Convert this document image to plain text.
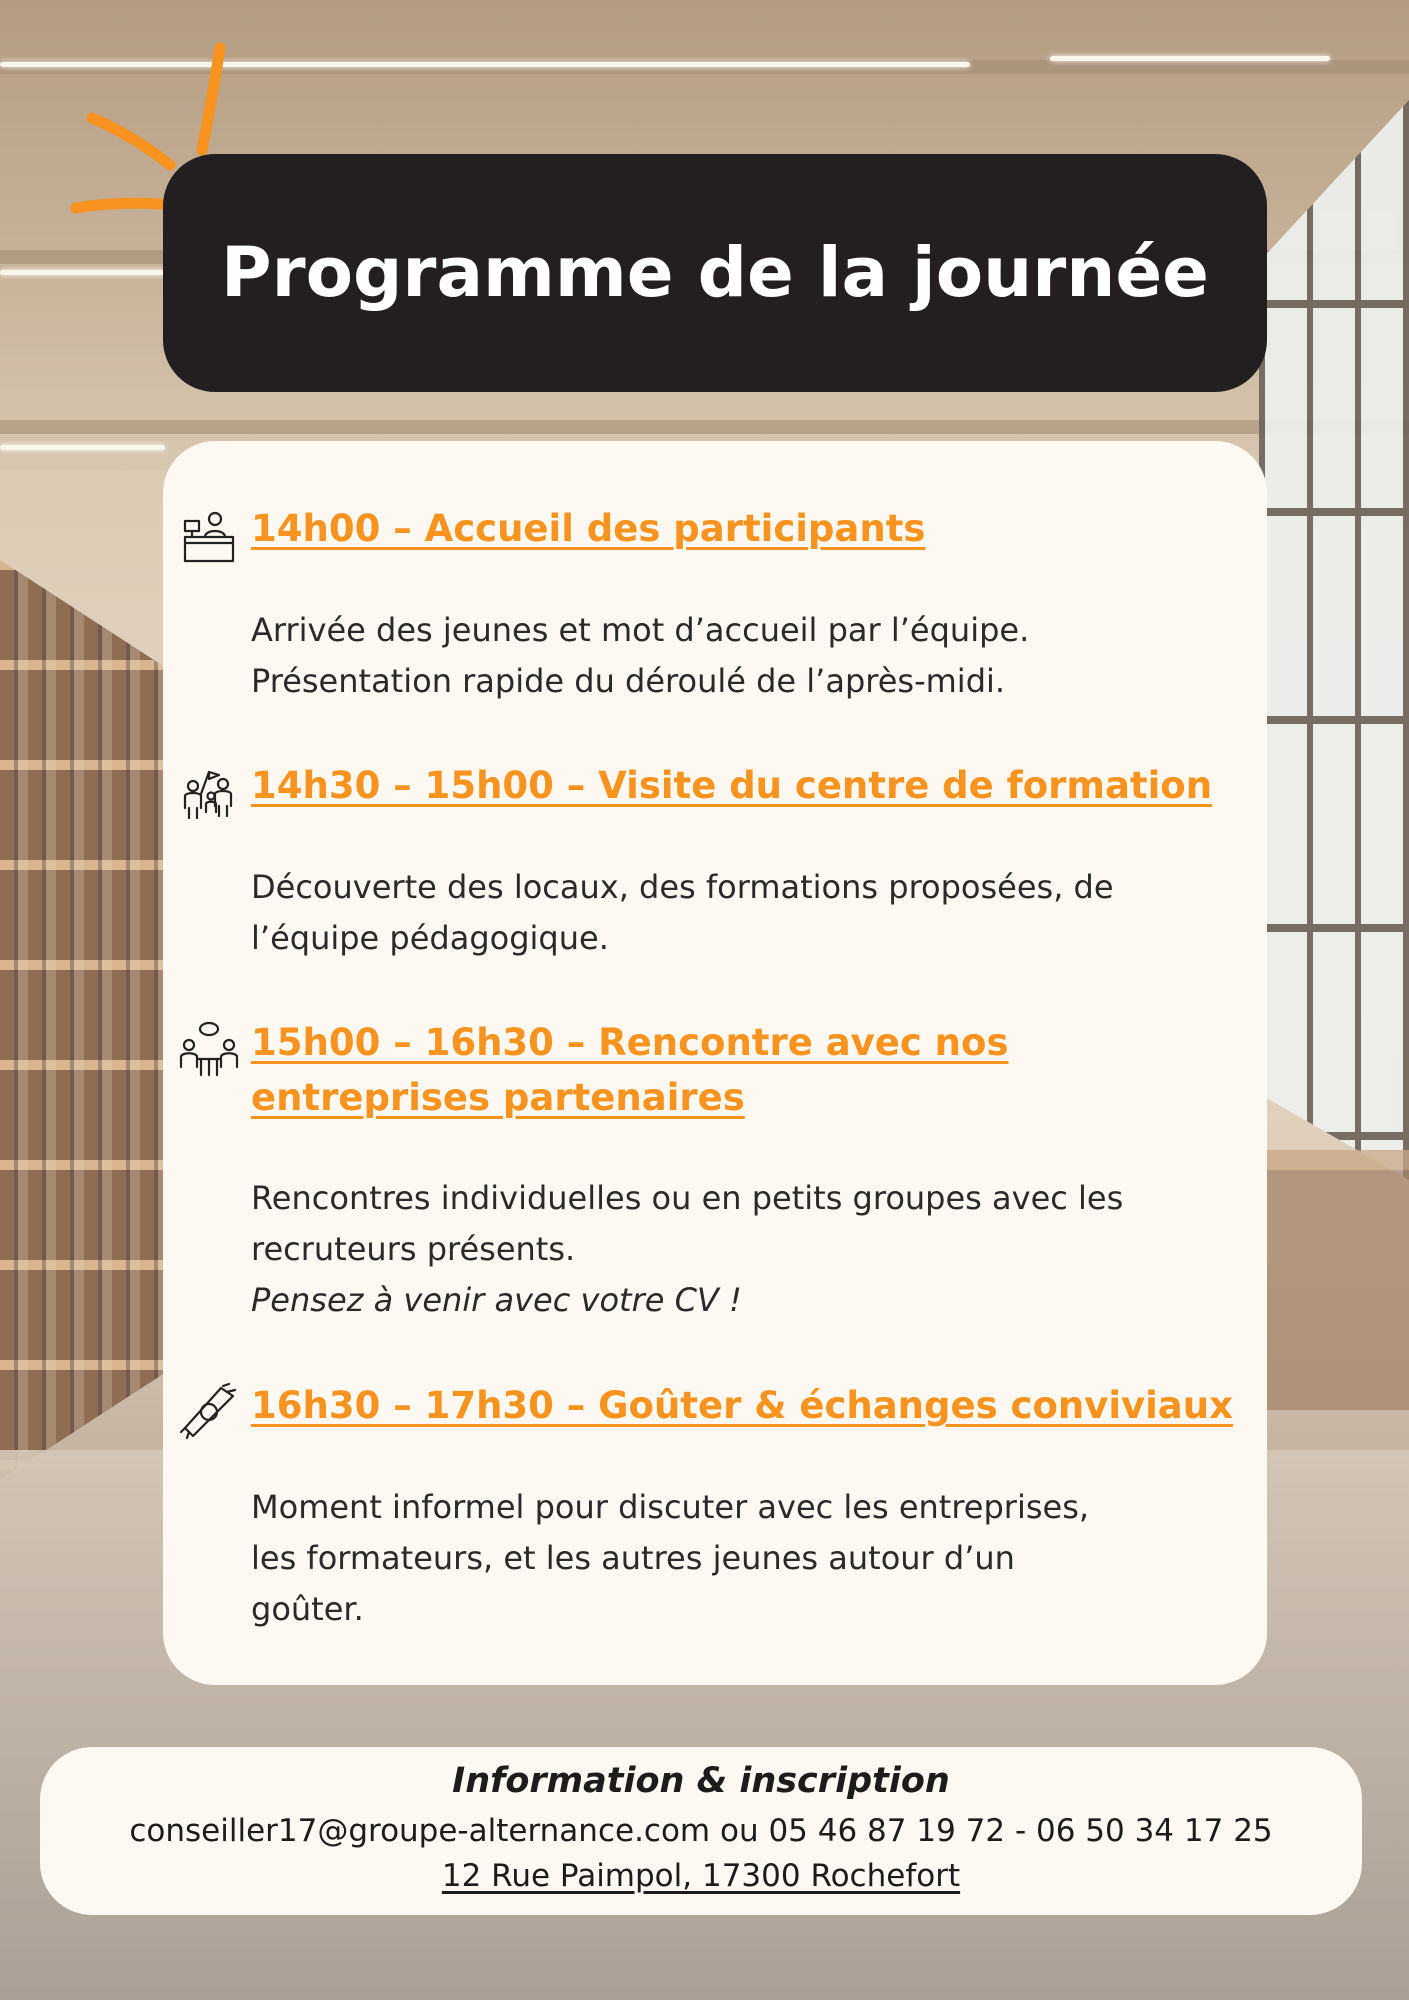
Programme de la journée
14h00 – Accueil des participants
Arrivée des jeunes et mot d’accueil par l’équipe.
Présentation rapide du déroulé de l’après-midi.
14h30 – 15h00 – Visite du centre de formation
Découverte des locaux, des formations proposées, de
l’équipe pédagogique.
15h00 – 16h30 – Rencontre avec nos
entreprises partenaires
Rencontres individuelles ou en petits groupes avec les
recruteurs présents.
Pensez à venir avec votre CV !
16h30 – 17h30 – Goûter & échanges conviviaux
Moment informel pour discuter avec les entreprises,
les formateurs, et les autres jeunes autour d’un
goûter.
Information & inscription
conseiller17@groupe-alternance.com ou 05 46 87 19 72 - 06 50 34 17 25
12 Rue Paimpol, 17300 Rochefort
